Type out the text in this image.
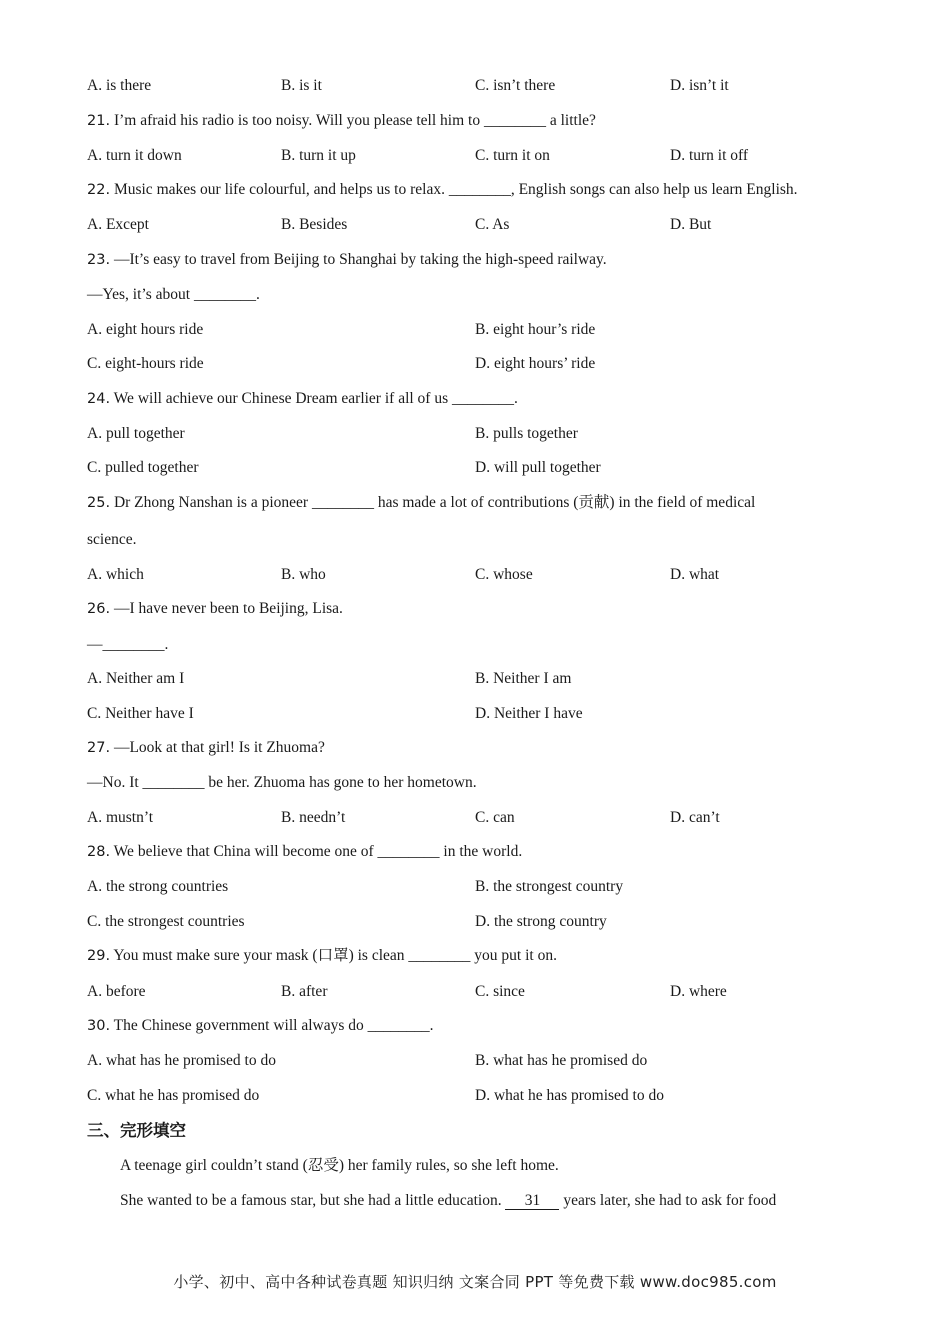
A. is there	B. is it	C. isn’t there	D. isn’t it
21. I’m afraid his radio is too noisy. Will you please tell him to ________ a little?
A. turn it down	B. turn it up	C. turn it on	D. turn it off
22. Music makes our life colourful, and helps us to relax. ________, English songs can also help us learn English.
A. Except	B. Besides	C. As	D. But
23. —It’s easy to travel from Beijing to Shanghai by taking the high-speed railway.
—Yes, it’s about ________.
A. eight hours ride	B. eight hour’s ride
C. eight-hours ride	D. eight hours’ ride
24. We will achieve our Chinese Dream earlier if all of us ________.
A. pull together	B. pulls together
C. pulled together	D. will pull together
25. Dr Zhong Nanshan is a pioneer ________ has made a lot of contributions (贡献) in the field of medical
science.
A. which	B. who	C. whose	D. what
26. —I have never been to Beijing, Lisa.
—________.
A. Neither am I	B. Neither I am
C. Neither have I	D. Neither I have
27. —Look at that girl! Is it Zhuoma?
—No. It ________ be her. Zhuoma has gone to her hometown.
A. mustn’t	B. needn’t	C. can	D. can’t
28. We believe that China will become one of ________ in the world.
A. the strong countries	B. the strongest country
C. the strongest countries	D. the strong country
29. You must make sure your mask (口罩) is clean ________ you put it on.
A. before	B. after	C. since	D. where
30. The Chinese government will always do ________.
A. what has he promised to do	B. what has he promised do
C. what he has promised do	D. what he has promised to do
三、完形填空
A teenage girl couldn’t stand (忍受) her family rules, so she left home.
She wanted to be a famous star, but she had a little education. 31 years later, she had to ask for food
小学、初中、高中各种试卷真题 知识归纳 文案合同 PPT 等免费下载 www.doc985.com
